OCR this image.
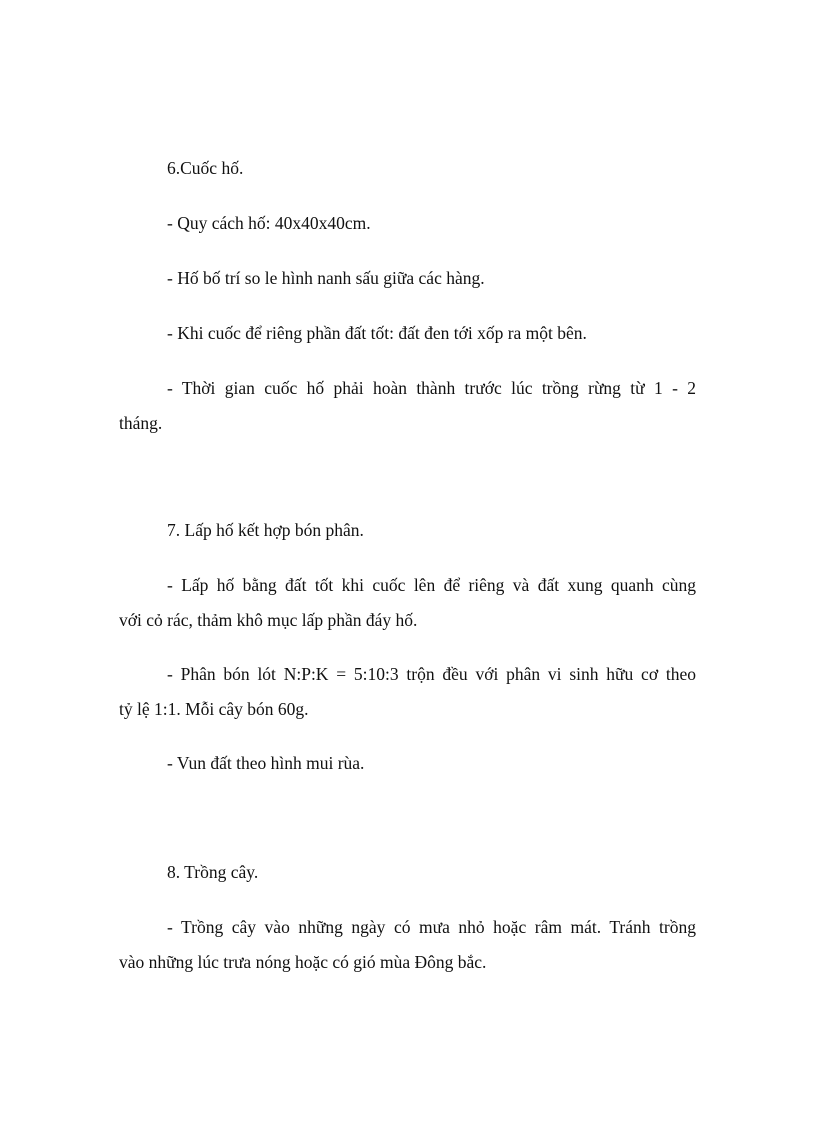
6.Cuốc hố.

- Quy cách hố: 40x40x40cm.

- Hố bố trí so le hình nanh sấu giữa các hàng.

- Khi cuốc để riêng phần đất tốt: đất đen tới xốp ra một bên.

- Thời gian cuốc hố phải hoàn thành trước lúc trồng rừng từ 1 - 2

tháng.

7. Lấp hố kết hợp bón phân.

- Lấp hố bằng đất tốt khi cuốc lên để riêng và đất xung quanh cùng

với cỏ rác, thảm khô mục lấp phần đáy hố.

- Phân bón lót N:P:K = 5:10:3 trộn đều với phân vi sinh hữu cơ theo

tỷ lệ 1:1. Mỗi cây bón 60g.

- Vun đất theo hình mui rùa.

8. Trồng cây.

- Trồng cây vào những ngày có mưa nhỏ hoặc râm mát. Tránh trồng

vào những lúc trưa nóng hoặc có gió mùa Đông bắc.
